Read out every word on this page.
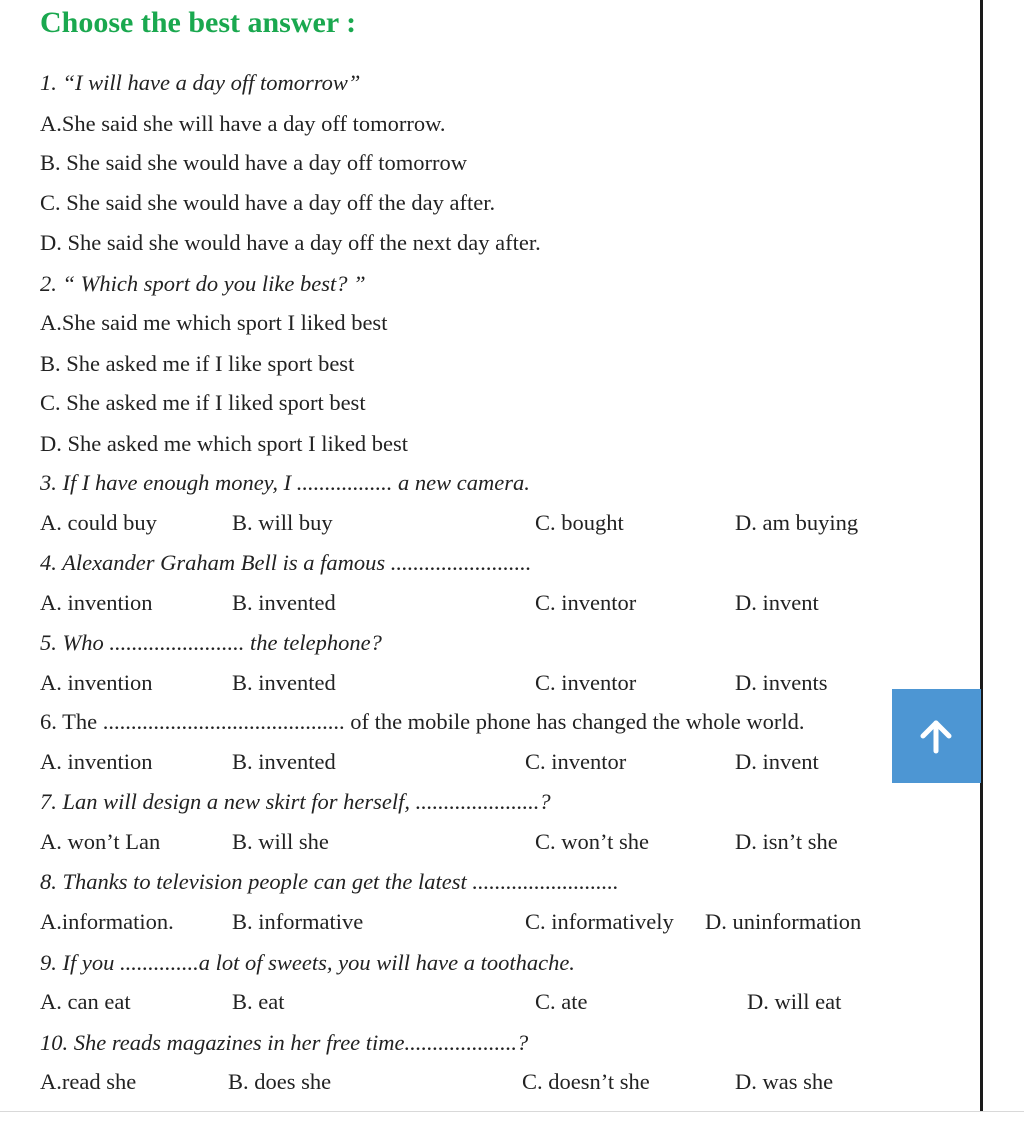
Choose the best answer :
1. “I will have a day off tomorrow”
A.She said she will have a day off tomorrow.
B. She said she would have a day off tomorrow
C. She said she would have a day off the day after.
D. She said she would have a day off the next day after.
2. “ Which sport do you like best? ”
A.She said me which sport I liked best
B. She asked me if I like sport best
C. She asked me if I liked sport best
D. She asked me which sport I liked best
3. If I have enough money, I ................. a new camera.
A. could buy	B. will buy	C. bought	D. am buying
4. Alexander Graham Bell is a famous .........................
A. invention	B. invented	C. inventor	D. invent
5. Who ........................ the telephone?
A. invention	B. invented	C. inventor	D. invents
6. The ........................................... of the mobile phone has changed the whole world.
A. invention	B. invented	C. inventor	D. invent
7. Lan will design a new skirt for herself, ......................?
A. won’t Lan	B. will she	C. won’t she	D. isn’t she
8. Thanks to television people can get the latest ..........................
A.information.	B. informative	C. informatively D. uninformation
9. If you ..............a lot of sweets, you will have a toothache.
A. can eat	B. eat	C. ate	D. will eat
10. She reads magazines in her free time....................?
A.read she	B. does she	C. doesn’t she	D. was she
